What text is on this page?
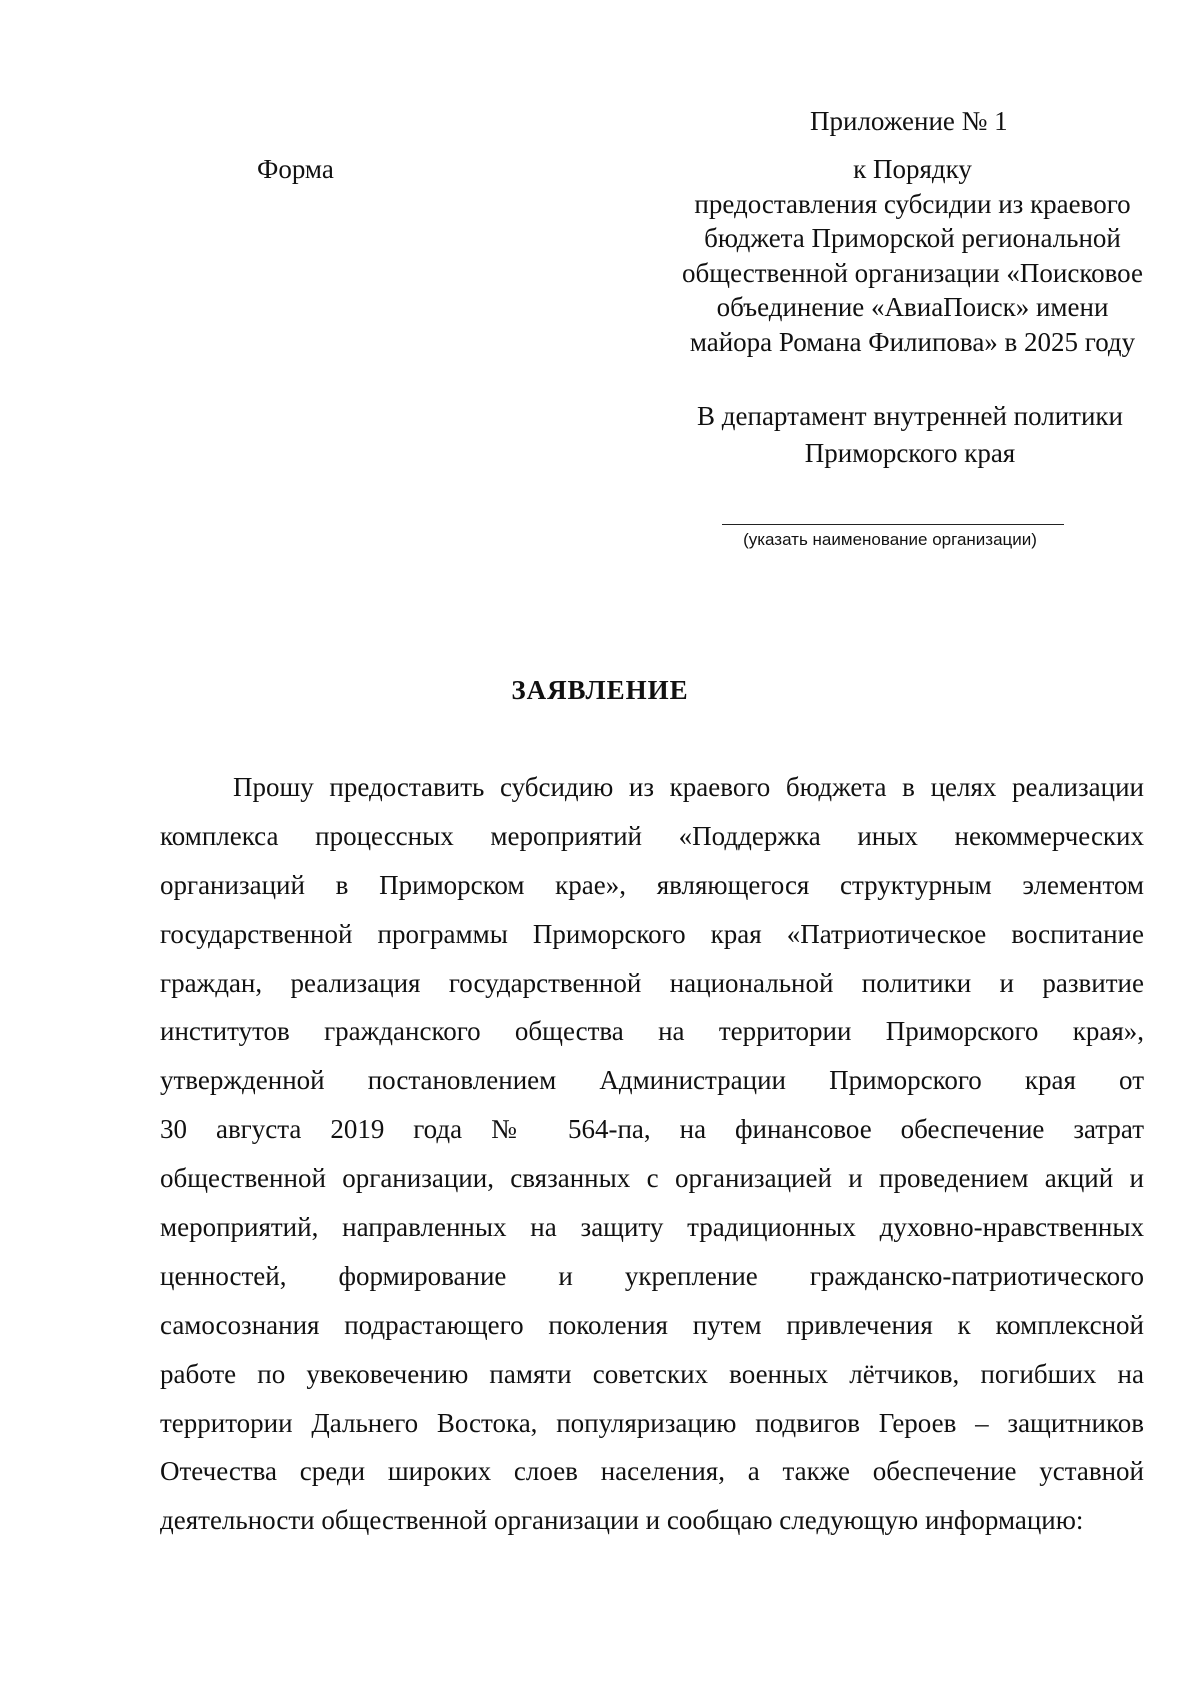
Приложение № 1
Форма	к Порядку
предоставления субсидии из краевого
бюджета Приморской региональной
общественной организации «Поисковое
объединение «АвиаПоиск» имени
майора Романа Филипова» в 2025 году
В департамент внутренней политики
Приморского края
(указать наименование организации)
ЗАЯВЛЕНИЕ
Прошу предоставить субсидию из краевого бюджета в целях реализации
комплекса процессных мероприятий «Поддержка иных некоммерческих
организаций в Приморском крае», являющегося структурным элементом
государственной программы Приморского края «Патриотическое воспитание
граждан, реализация государственной национальной политики и развитие
институтов гражданского общества на территории Приморского края»,
утвержденной постановлением Администрации Приморского края от
30 августа 2019 года № 564-па, на финансовое обеспечение затрат
общественной организации, связанных с организацией и проведением акций и
мероприятий, направленных на защиту традиционных духовно-нравственных
ценностей, формирование и укрепление гражданско-патриотического
самосознания подрастающего поколения путем привлечения к комплексной
работе по увековечению памяти советских военных лётчиков, погибших на
территории Дальнего Востока, популяризацию подвигов Героев – защитников
Отечества среди широких слоев населения, а также обеспечение уставной
деятельности общественной организации и сообщаю следующую информацию:
